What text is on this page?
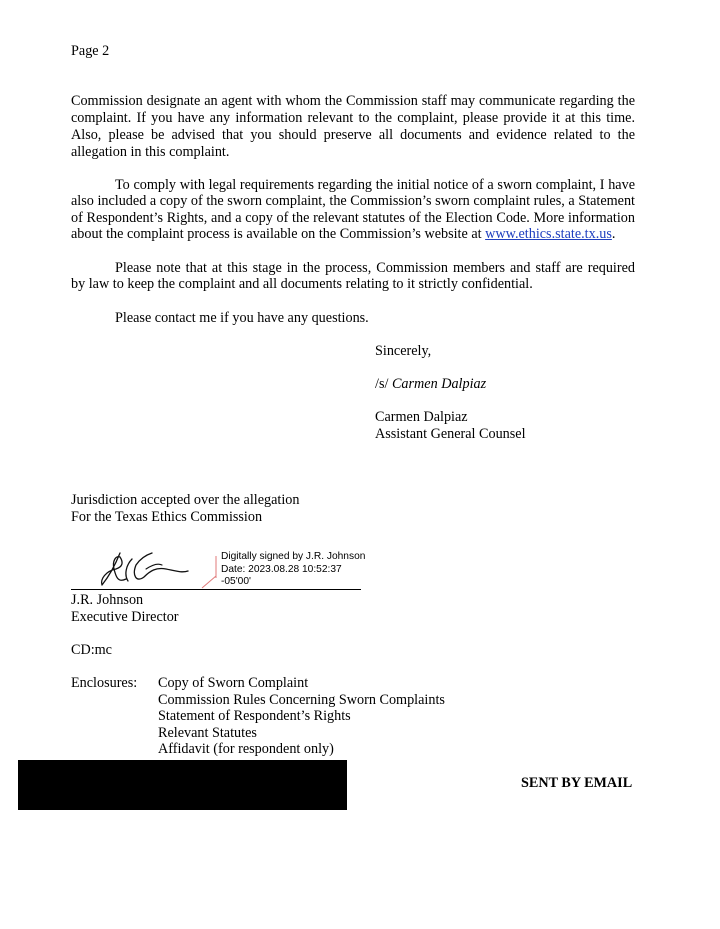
Page 2
Commission designate an agent with whom the Commission staff may communicate regarding the
complaint. If you have any information relevant to the complaint, please provide it at this time.
Also, please be advised that you should preserve all documents and evidence related to the
allegation in this complaint.
To comply with legal requirements regarding the initial notice of a sworn complaint, I have
also included a copy of the sworn complaint, the Commission’s sworn complaint rules, a Statement
of Respondent’s Rights, and a copy of the relevant statutes of the Election Code. More information
about the complaint process is available on the Commission’s website at www.ethics.state.tx.us.
Please note that at this stage in the process, Commission members and staff are required
by law to keep the complaint and all documents relating to it strictly confidential.
Please contact me if you have any questions.
Sincerely,
/s/ Carmen Dalpiaz
Carmen Dalpiaz
Assistant General Counsel
Jurisdiction accepted over the allegation
For the Texas Ethics Commission
Digitally signed by J.R. Johnson
Date: 2023.08.28 10:52:37
-05'00'
J.R. Johnson
Executive Director
CD:mc
Enclosures: Copy of Sworn Complaint
Commission Rules Concerning Sworn Complaints
Statement of Respondent’s Rights
Relevant Statutes
Affidavit (for respondent only)
SENT BY EMAIL
